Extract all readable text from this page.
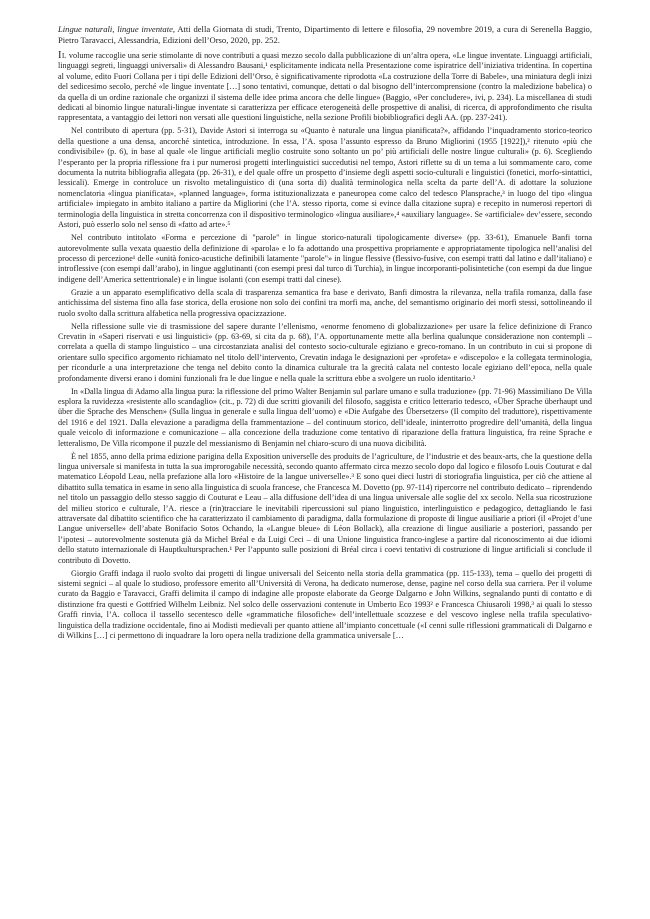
Lingue naturali, lingue inventate, Atti della Giornata di studi, Trento, Dipartimento di lettere e filosofia, 29 novembre 2019, a cura di Serenella Baggio, Pietro Taravacci, Alessandria, Edizioni dell’Orso, 2020, pp. 252.

Il volume raccoglie una serie stimolante di nove contributi a quasi mezzo secolo dalla pubblicazione di un’altra opera, «Le lingue inventate. Linguaggi artificiali, linguaggi segreti, linguaggi universali» di Alessandro Bausani,¹ esplicitamente indicata nella Presentazione come ispiratrice dell’iniziativa tridentina. In copertina al volume, edito Fuori Collana per i tipi delle Edizioni dell’Orso, è significativamente riprodotta «La costruzione della Torre di Babele», una miniatura degli inizi del sedicesimo secolo, perché «le lingue inventate […] sono tentativi, comunque, dettati o dal bisogno dell’intercomprensione (contro la maledizione babelica) o da quella di un ordine razionale che organizzi il sistema delle idee prima ancora che delle lingue» (Baggio, «Per concludere», ivi, p. 234). La miscellanea di studi dedicati al binomio lingue naturali-lingue inventate si caratterizza per efficace eterogeneità delle prospettive di analisi, di ricerca, di approfondimento che risulta rappresentata, a vantaggio dei lettori non versati alle questioni linguistiche, nella sezione Profili biobibliografici degli AA. (pp. 237-241).

Nel contributo di apertura (pp. 5-31), Davide Astori si interroga su «Quanto è naturale una lingua pianificata?», affidando l’inquadramento storico-teorico della questione a una densa, ancorché sintetica, introduzione. In essa, l’A. sposa l’assunto espresso da Bruno Migliorini (1955 [1922]),² ritenuto «più che condivisibile» (p. 6), in base al quale «le lingue artificiali meglio costruite sono soltanto un po’ più artificiali delle nostre lingue culturali» (p. 6). Scegliendo l’esperanto per la propria riflessione fra i pur numerosi progetti interlinguistici succedutisi nel tempo, Astori riflette su di un tema a lui sommamente caro, come documenta la nutrita bibliografia allegata (pp. 26-31), e del quale offre un prospetto d’insieme degli aspetti socio-culturali e linguistici (fonetici, morfo-sintattici, lessicali). Emerge in controluce un risvolto metalinguistico di (una sorta di) dualità terminologica nella scelta da parte dell’A. di adottare la soluzione nomenclatoria «lingua pianificata», «planned language», forma istituzionalizzata e paneuropea come calco del tedesco Plansprache,³ in luogo del tipo «lingua artificiale» impiegato in ambito italiano a partire da Migliorini (che l’A. stesso riporta, come si evince dalla citazione supra) e recepito in numerosi repertori di terminologia della linguistica in stretta concorrenza con il dispositivo terminologico «lingua ausiliare»,⁴ «auxiliary language». Se «artificiale» dev’essere, secondo Astori, può esserlo solo nel senso di «fatto ad arte».⁵

Nel contributo intitolato «Forma e percezione di "parole" in lingue storico-naturali tipologicamente diverse» (pp. 33-61), Emanuele Banfi torna autorevolmente sulla vexata quaestio della definizione di «parola» e lo fa adottando una prospettiva propriamente e appropriatamente tipologica nell’analisi del processo di percezione¹ delle «unità fonico-acustiche definibili latamente "parole"» in lingue flessive (flessivo-fusive, con esempi tratti dal latino e dall’italiano) e introflessive (con esempi dall’arabo), in lingue agglutinanti (con esempi presi dal turco di Turchia), in lingue incorporanti-polisintetiche (con esempi da due lingue indigene dell’America settentrionale) e in lingue isolanti (con esempi tratti dal cinese).

Grazie a un apparato esemplificativo della scala di trasparenza semantica fra base e derivato, Banfi dimostra la rilevanza, nella trafila romanza, dalla fase antichissima del sistema fino alla fase storica, della erosione non solo dei confini tra morfi ma, anche, del semantismo originario dei morfi stessi, sottolineando il ruolo svolto dalla scrittura alfabetica nella progressiva opacizzazione.

Nella riflessione sulle vie di trasmissione del sapere durante l’ellenismo, «enorme fenomeno di globalizzazione» per usare la felice definizione di Franco Crevatin in «Saperi riservati e usi linguistici» (pp. 63-69, si cita da p. 68), l’A. opportunamente mette alla berlina qualunque considerazione non contempli – correlata a quella di stampo linguistico – una circostanziata analisi del contesto socio-culturale egiziano e greco-romano. In un contributo in cui si propone di orientare sullo specifico argomento richiamato nel titolo dell’intervento, Crevatin indaga le designazioni per «profeta» e «discepolo» e la collegata terminologia, per ricondurle a una interpretazione che tenga nel debito conto la dinamica culturale tra la grecità calata nel contesto locale egiziano dell’epoca, nella quale profondamente diversi erano i domini funzionali fra le due lingue e nella quale la scrittura ebbe a svolgere un ruolo identitario.²

In «Dalla lingua di Adamo alla lingua pura: la riflessione del primo Walter Benjamin sul parlare umano e sulla traduzione» (pp. 71-96) Massimiliano De Villa esplora la ruvidezza «resistente allo scandaglio» (cit., p. 72) di due scritti giovanili del filosofo, saggista e critico letterario tedesco, «Über Sprache überhaupt und über die Sprache des Menschen» (Sulla lingua in generale e sulla lingua dell’uomo) e «Die Aufgabe des Übersetzers» (Il compito del traduttore), rispettivamente del 1916 e del 1921. Dalla elevazione a paradigma della frammentazione – del continuum storico, dell’ideale, ininterrotto progredire dell’umanità, della lingua quale veicolo di informazione e comunicazione – alla concezione della traduzione come tentativo di riparazione della frattura linguistica, fra reine Sprache e letteralismo, De Villa ricompone il puzzle del messianismo di Benjamin nel chiaro-scuro di una nuova dicibilità.

È nel 1855, anno della prima edizione parigina della Exposition universelle des produits de l’agriculture, de l’industrie et des beaux-arts, che la questione della lingua universale si manifesta in tutta la sua improrogabile necessità, secondo quanto affermato circa mezzo secolo dopo dal logico e filosofo Louis Couturat e dal matematico Léopold Leau, nella prefazione alla loro «Histoire de la langue universelle».³ E sono quei dieci lustri di storiografia linguistica, per ciò che attiene al dibattito sulla tematica in esame in seno alla linguistica di scuola francese, che Francesca M. Dovetto (pp. 97-114) ripercorre nel contributo dedicato – riprendendo nel titolo un passaggio dello stesso saggio di Couturat e Leau – alla diffusione dell’idea di una lingua universale alle soglie del xx secolo. Nella sua ricostruzione del milieu storico e culturale, l’A. riesce a (rin)tracciare le inevitabili ripercussioni sul piano linguistico, interlinguistico e pedagogico, dettagliando le fasi attraversate dal dibattito scientifico che ha caratterizzato il cambiamento di paradigma, dalla formulazione di proposte di lingue ausiliarie a priori (il «Projet d’une Langue universelle» dell’abate Bonifacio Sotos Ochando, la «Langue bleue» di Léon Bollack), alla creazione di lingue ausiliarie a posteriori, passando per l’ipotesi – autorevolmente sostenuta già da Michel Bréal e da Luigi Ceci – di una Unione linguistica franco-inglese a partire dal riconoscimento ai due idiomi dello statuto internazionale di Hauptkultursprachen.¹ Per l’appunto sulle posizioni di Bréal circa i coevi tentativi di costruzione di lingue artificiali si conclude il contributo di Dovetto.

Giorgio Graffi indaga il ruolo svolto dai progetti di lingue universali del Seicento nella storia della grammatica (pp. 115-133), tema – quello dei progetti di sistemi segnici – al quale lo studioso, professore emerito all’Università di Verona, ha dedicato numerose, dense, pagine nel corso della sua carriera. Per il volume curato da Baggio e Taravacci, Graffi delimita il campo di indagine alle proposte elaborate da George Dalgarno e John Wilkins, segnalando punti di contatto e di distinzione fra questi e Gottfried Wilhelm Leibniz. Nel solco delle osservazioni contenute in Umberto Eco 1993² e Francesca Chiusaroli 1998,³ ai quali lo stesso Graffi rinvia, l’A. colloca il tassello secentesco delle «grammatiche filosofiche» dell’intellettuale scozzese e del vescovo inglese nella trafila speculativo-linguistica della tradizione occidentale, fino ai Modisti medievali per quanto attiene all’impianto concettuale («I cenni sulle riflessioni grammaticali di Dalgarno e di Wilkins […] ci permettono di inquadrare la loro opera nella tradizione della grammatica universale […
